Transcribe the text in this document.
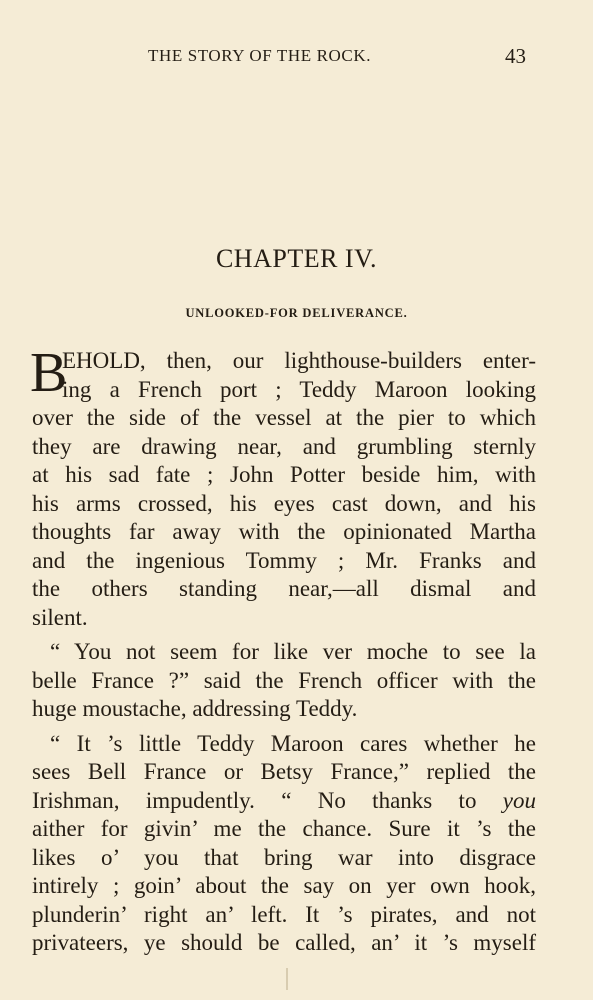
THE STORY OF THE ROCK.	43
CHAPTER IV.
UNLOOKED-FOR DELIVERANCE.
B
EHOLD, then, our lighthouse-builders enter-
ing a French port ; Teddy Maroon looking
over the side of the vessel at the pier to which
they are drawing near, and grumbling sternly
at his sad fate ; John Potter beside him, with
his arms crossed, his eyes cast down, and his
thoughts far away with the opinionated Martha
and the ingenious Tommy ; Mr. Franks and
the others standing near,—all dismal and
silent.
“ You not seem for like ver moche to see la
belle France ?” said the French officer with the
huge moustache, addressing Teddy.
“ It ’s little Teddy Maroon cares whether he
sees Bell France or Betsy France,” replied the
Irishman, impudently. “ No thanks to you
aither for givin’ me the chance. Sure it ’s the
likes o’ you that bring war into disgrace
intirely ; goin’ about the say on yer own hook,
plunderin’ right an’ left. It ’s pirates, and not
privateers, ye should be called, an’ it ’s myself
